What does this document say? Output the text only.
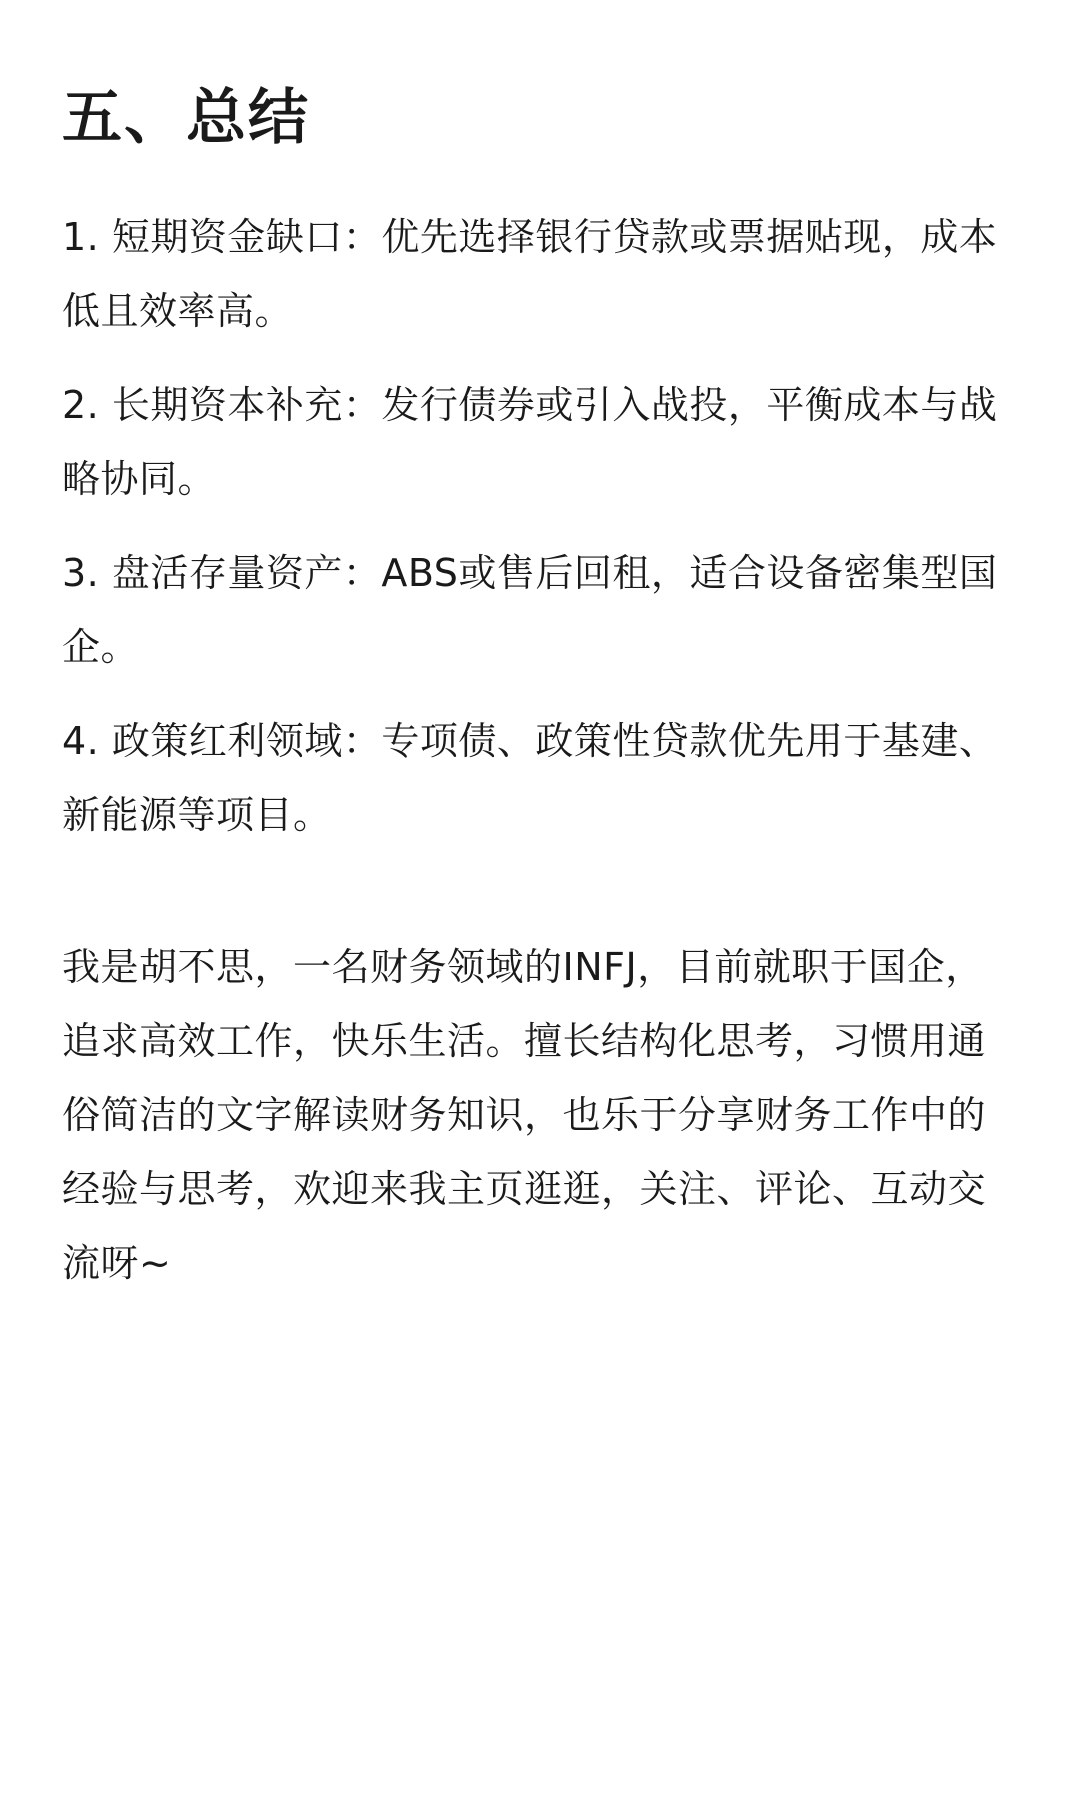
五、总结
1. 短期资金缺口：优先选择银行贷款或票据贴现，成本低且效率高。
2. 长期资本补充：发行债券或引入战投，平衡成本与战略协同。
3. 盘活存量资产：ABS或售后回租，适合设备密集型国企。
4. 政策红利领域：专项债、政策性贷款优先用于基建、新能源等项目。

我是胡不思，一名财务领域的INFJ，目前就职于国企，追求高效工作，快乐生活。擅长结构化思考，习惯用通俗简洁的文字解读财务知识，也乐于分享财务工作中的经验与思考，欢迎来我主页逛逛，关注、评论、互动交流呀~
